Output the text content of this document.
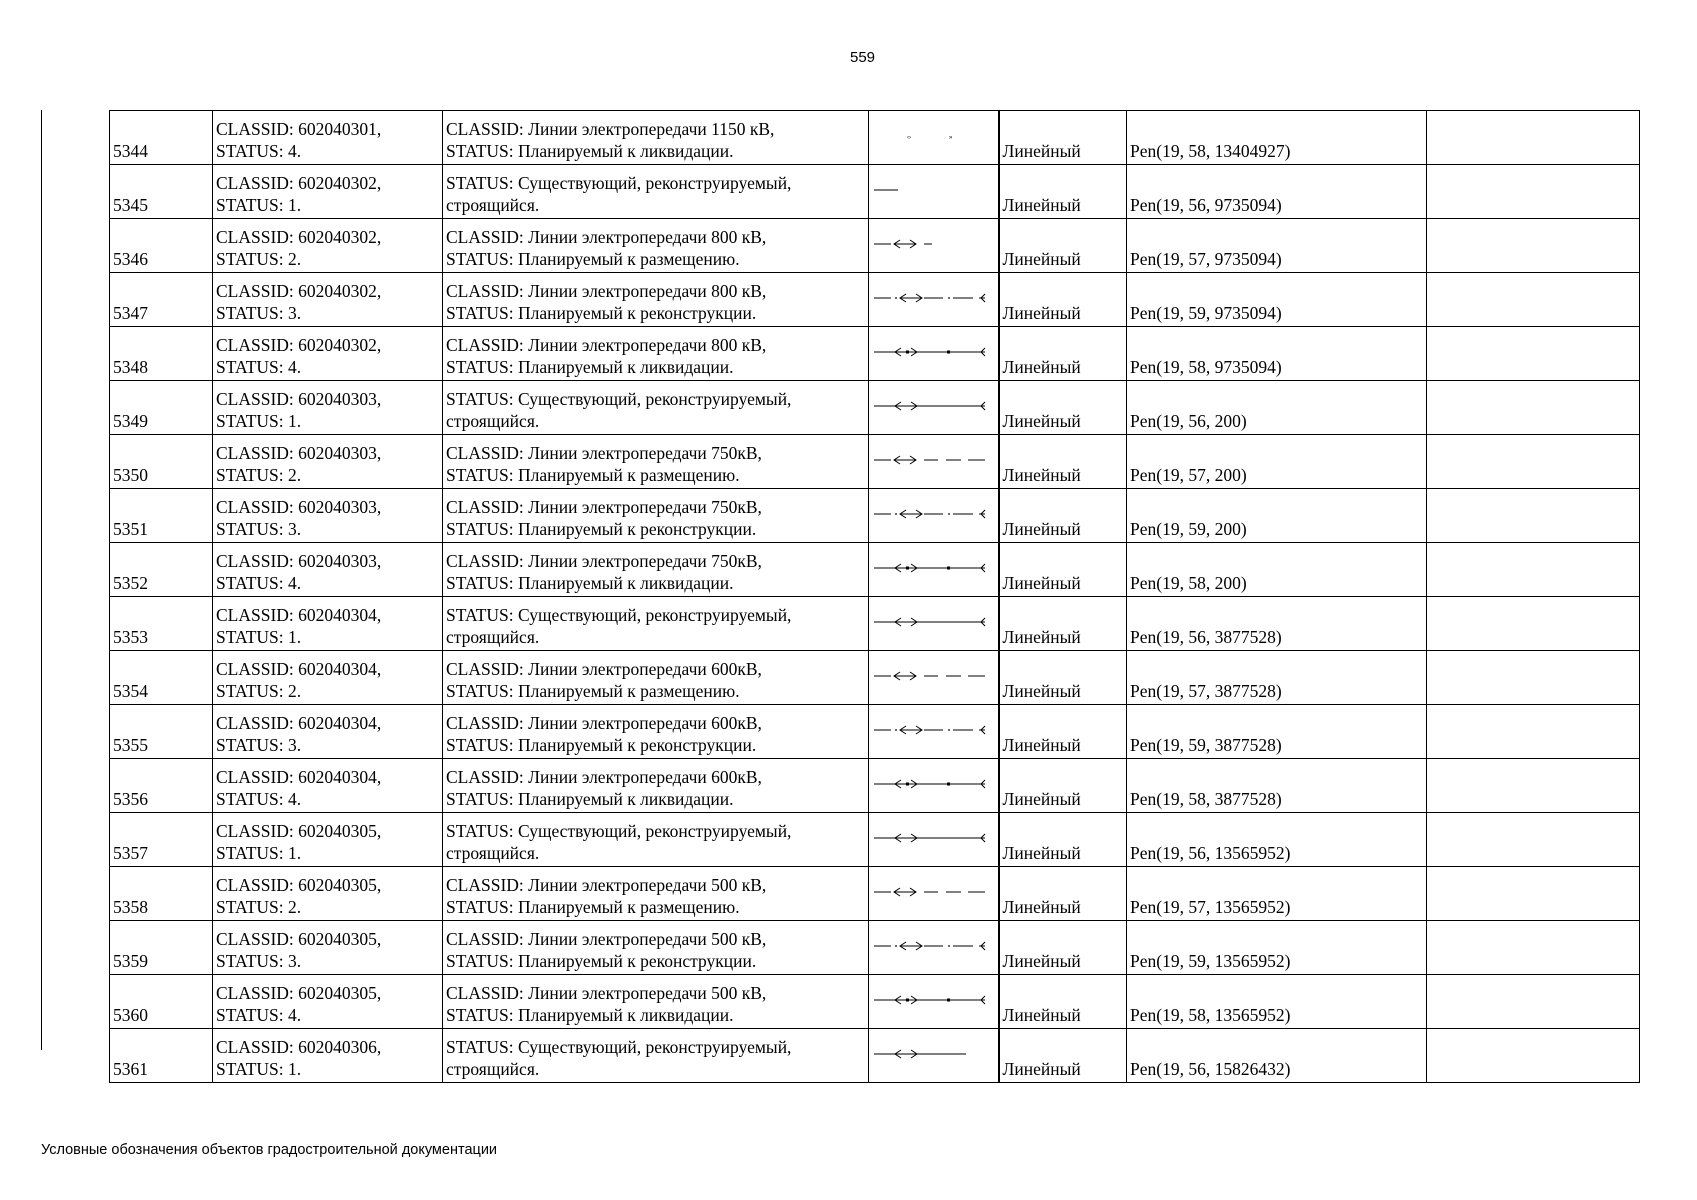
559
5344	CLASSID: 602040301,
STATUS: 4.	CLASSID: Линии электропередачи 1150 кВ,
STATUS: Планируемый к ликвидации.	‹› »	Линейный	Pen(19, 58, 13404927)	
5345	CLASSID: 602040302,
STATUS: 1.	STATUS: Существующий, реконструируемый,
строящийся.		Линейный	Pen(19, 56, 9735094)	
5346	CLASSID: 602040302,
STATUS: 2.	CLASSID: Линии электропередачи 800 кВ,
STATUS: Планируемый к размещению.		Линейный	Pen(19, 57, 9735094)	
5347	CLASSID: 602040302,
STATUS: 3.	CLASSID: Линии электропередачи 800 кВ,
STATUS: Планируемый к реконструкции.		Линейный	Pen(19, 59, 9735094)	
5348	CLASSID: 602040302,
STATUS: 4.	CLASSID: Линии электропередачи 800 кВ,
STATUS: Планируемый к ликвидации.		Линейный	Pen(19, 58, 9735094)	
5349	CLASSID: 602040303,
STATUS: 1.	STATUS: Существующий, реконструируемый,
строящийся.		Линейный	Pen(19, 56, 200)	
5350	CLASSID: 602040303,
STATUS: 2.	CLASSID: Линии электропередачи 750кВ,
STATUS: Планируемый к размещению.		Линейный	Pen(19, 57, 200)	
5351	CLASSID: 602040303,
STATUS: 3.	CLASSID: Линии электропередачи 750кВ,
STATUS: Планируемый к реконструкции.		Линейный	Pen(19, 59, 200)	
5352	CLASSID: 602040303,
STATUS: 4.	CLASSID: Линии электропередачи 750кВ,
STATUS: Планируемый к ликвидации.		Линейный	Pen(19, 58, 200)	
5353	CLASSID: 602040304,
STATUS: 1.	STATUS: Существующий, реконструируемый,
строящийся.		Линейный	Pen(19, 56, 3877528)	
5354	CLASSID: 602040304,
STATUS: 2.	CLASSID: Линии электропередачи 600кВ,
STATUS: Планируемый к размещению.		Линейный	Pen(19, 57, 3877528)	
5355	CLASSID: 602040304,
STATUS: 3.	CLASSID: Линии электропередачи 600кВ,
STATUS: Планируемый к реконструкции.		Линейный	Pen(19, 59, 3877528)	
5356	CLASSID: 602040304,
STATUS: 4.	CLASSID: Линии электропередачи 600кВ,
STATUS: Планируемый к ликвидации.		Линейный	Pen(19, 58, 3877528)	
5357	CLASSID: 602040305,
STATUS: 1.	STATUS: Существующий, реконструируемый,
строящийся.		Линейный	Pen(19, 56, 13565952)	
5358	CLASSID: 602040305,
STATUS: 2.	CLASSID: Линии электропередачи 500 кВ,
STATUS: Планируемый к размещению.		Линейный	Pen(19, 57, 13565952)	
5359	CLASSID: 602040305,
STATUS: 3.	CLASSID: Линии электропередачи 500 кВ,
STATUS: Планируемый к реконструкции.		Линейный	Pen(19, 59, 13565952)	
5360	CLASSID: 602040305,
STATUS: 4.	CLASSID: Линии электропередачи 500 кВ,
STATUS: Планируемый к ликвидации.		Линейный	Pen(19, 58, 13565952)	
5361	CLASSID: 602040306,
STATUS: 1.	STATUS: Существующий, реконструируемый,
строящийся.		Линейный	Pen(19, 56, 15826432)	
Условные обозначения объектов градостроительной документации
